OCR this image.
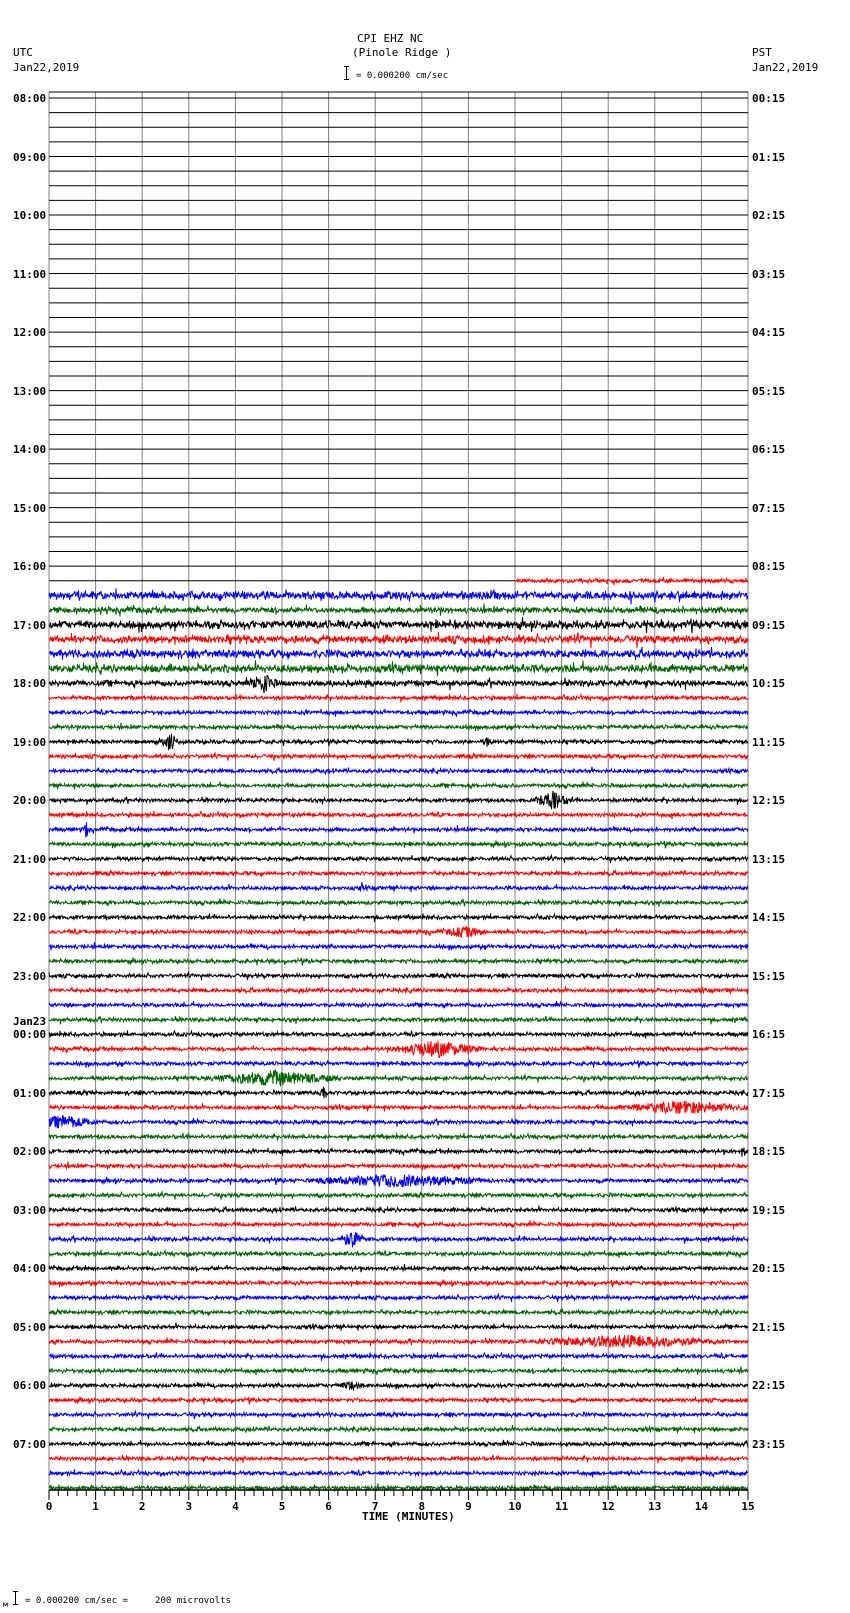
CPI EHZ NC
(Pinole Ridge )
UTC
Jan22,2019
PST
Jan22,2019
= 0.000200 cm/sec
08:00
09:00
10:00
11:00
12:00
13:00
14:00
15:00
16:00
17:00
18:00
19:00
20:00
21:00
22:00
23:00
00:00
Jan23
01:00
02:00
03:00
04:00
05:00
06:00
07:00
00:15
01:15
02:15
03:15
04:15
05:15
06:15
07:15
08:15
09:15
10:15
11:15
12:15
13:15
14:15
15:15
16:15
17:15
18:15
19:15
20:15
21:15
22:15
23:15
0	1	2	3	4	5	6	7	8	9	10	11	12	13	14	15
TIME (MINUTES)
м = 0.000200 cm/sec =     200 microvolts
